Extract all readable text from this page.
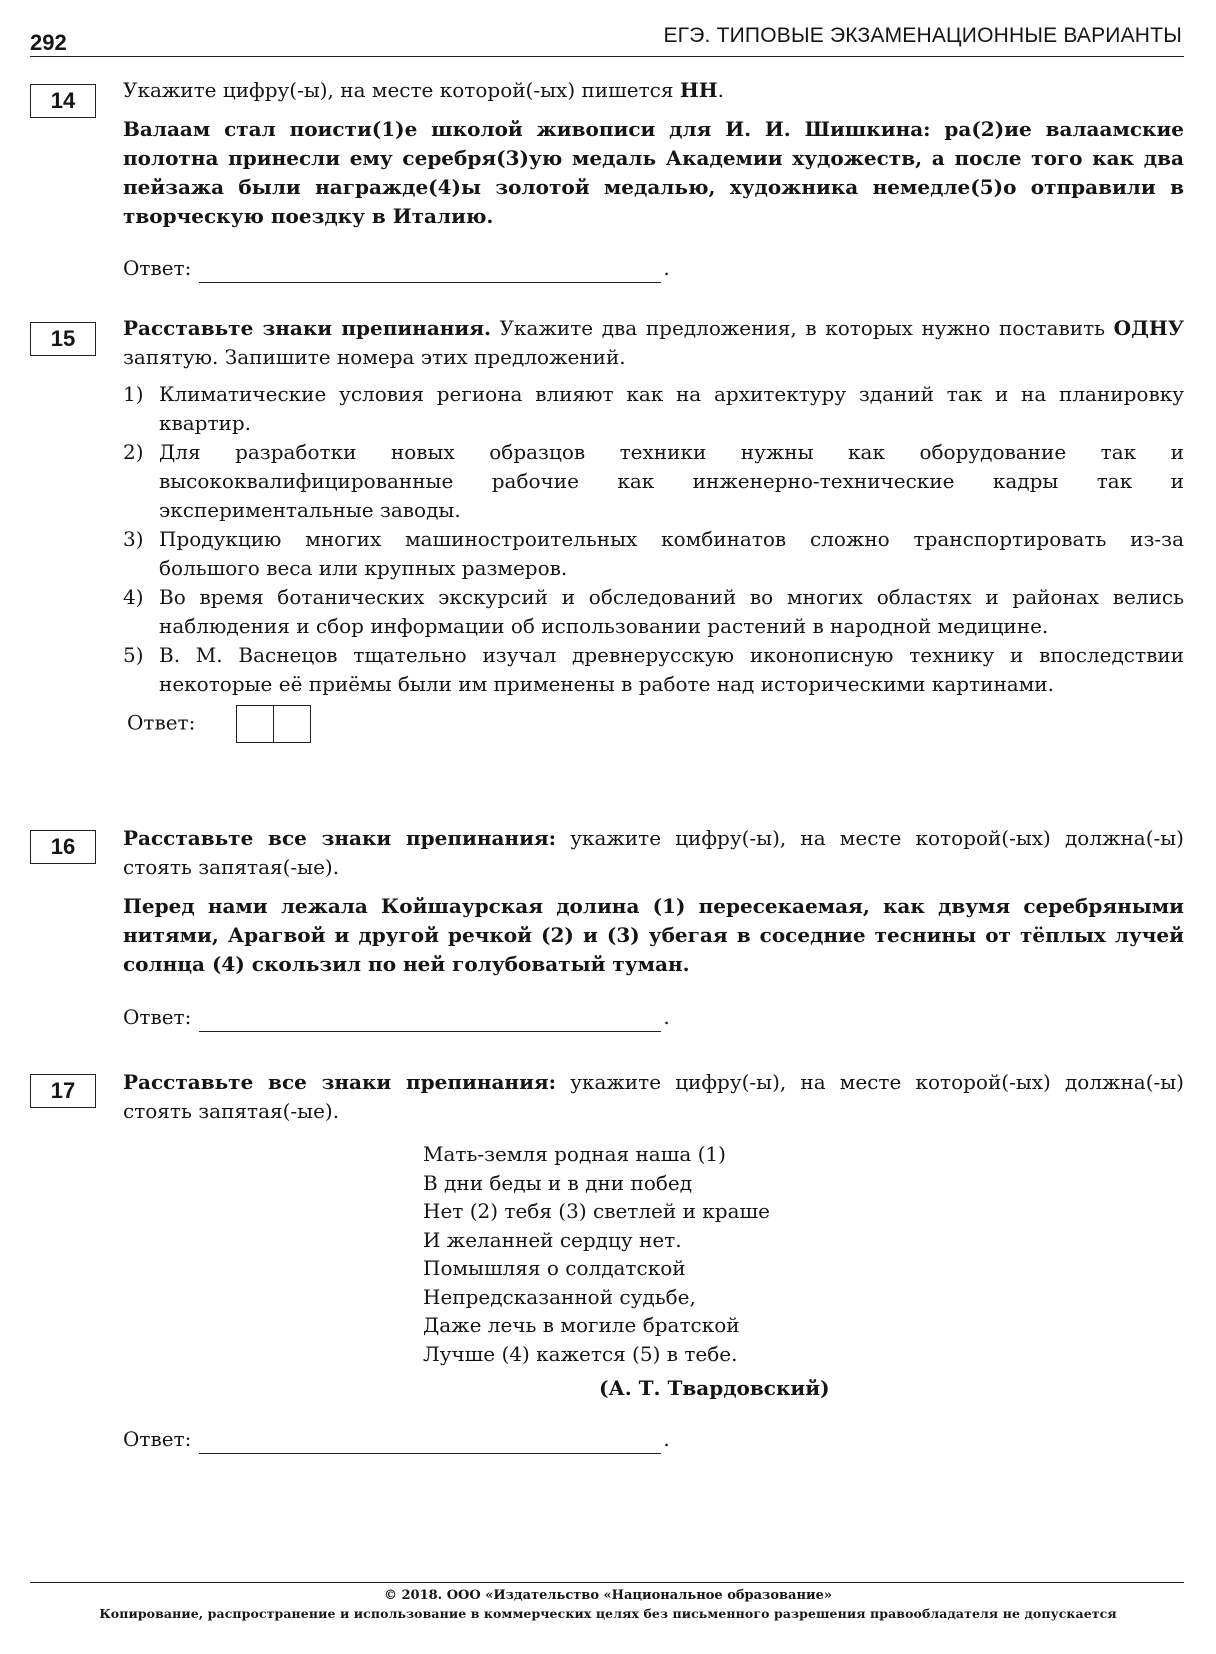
292	ЕГЭ. ТИПОВЫЕ ЭКЗАМЕНАЦИОННЫЕ ВАРИАНТЫ
14	Укажите цифру(-ы), на месте которой(-ых) пишется НН.

Валаам стал поисти(1)е школой живописи для И. И. Шишкина: ра(2)ие валаамские полотна принесли ему серебря(3)ую медаль Академии художеств, а после того как два пейзажа были награжде(4)ы золотой медалью, художника немедле(5)о отправили в творческую поездку в Италию.

Ответ:	.
15	Расставьте знаки препинания. Укажите два предложения, в которых нужно поставить ОДНУ запятую. Запишите номера этих предложений.

1) Климатические условия региона влияют как на архитектуру зданий так и на планировку квартир.
2) Для разработки новых образцов техники нужны как оборудование так и высококвалифицированные рабочие как инженерно-технические кадры так и экспериментальные заводы.
3) Продукцию многих машиностроительных комбинатов сложно транспортировать из-за большого веса или крупных размеров.
4) Во время ботанических экскурсий и обследований во многих областях и районах велись наблюдения и сбор информации об использовании растений в народной медицине.
5) В. М. Васнецов тщательно изучал древнерусскую иконописную технику и впоследствии некоторые её приёмы были им применены в работе над историческими картинами.
Ответ:
16	Расставьте все знаки препинания: укажите цифру(-ы), на месте которой(-ых) должна(-ы) стоять запятая(-ые).

Перед нами лежала Койшаурская долина (1) пересекаемая, как двумя серебряными нитями, Арагвой и другой речкой (2) и (3) убегая в соседние теснины от тёплых лучей солнца (4) скользил по ней голубоватый туман.

Ответ:	.
17	Расставьте все знаки препинания: укажите цифру(-ы), на месте которой(-ых) должна(-ы) стоять запятая(-ые).

Мать-земля родная наша (1)
В дни беды и в дни побед
Нет (2) тебя (3) светлей и краше
И желанней сердцу нет.
Помышляя о солдатской
Непредсказанной судьбе,
Даже лечь в могиле братской
Лучше (4) кажется (5) в тебе.
(А. Т. Твардовский)
Ответ:	.
© 2018. ООО «Издательство «Национальное образование»
Копирование, распространение и использование в коммерческих целях без письменного разрешения правообладателя не допускается
